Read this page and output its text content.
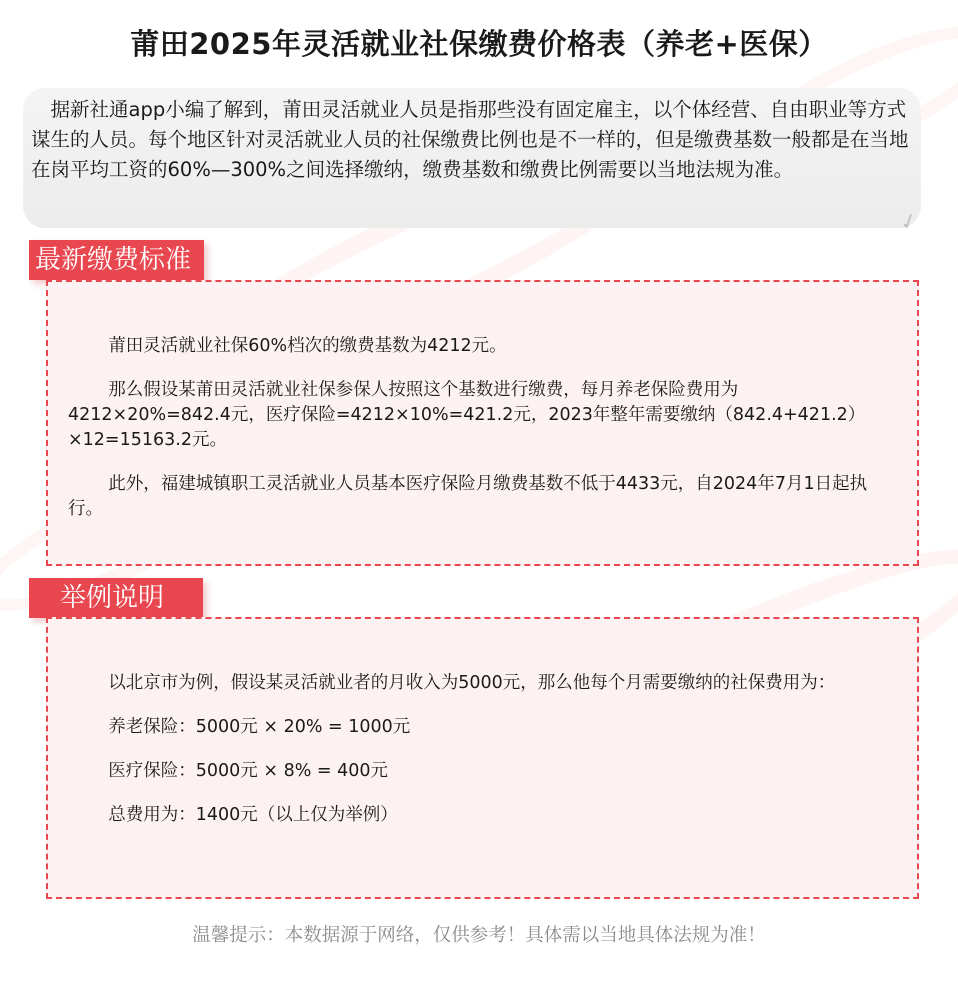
莆田2025年灵活就业社保缴费价格表（养老+医保）

据新社通app小编了解到，莆田灵活就业人员是指那些没有固定雇主，以个体经营、自由职业等方式谋生的人员。每个地区针对灵活就业人员的社保缴费比例也是不一样的，但是缴费基数一般都是在当地在岗平均工资的60%—300%之间选择缴纳，缴费基数和缴费比例需要以当地法规为准。

✓
最新缴费标准

莆田灵活就业社保60%档次的缴费基数为4212元。

那么假设某莆田灵活就业社保参保人按照这个基数进行缴费，每月养老保险费用为4212×20%=842.4元，医疗保险=4212×10%=421.2元，2023年整年需要缴纳（842.4+421.2）×12=15163.2元。

此外，福建城镇职工灵活就业人员基本医疗保险月缴费基数不低于4433元，自2024年7月1日起执行。

举例说明

以北京市为例，假设某灵活就业者的月收入为5000元，那么他每个月需要缴纳的社保费用为：

养老保险：5000元 × 20% = 1000元

医疗保险：5000元 × 8% = 400元

总费用为：1400元（以上仅为举例）

温馨提示：本数据源于网络，仅供参考！具体需以当地具体法规为准！
